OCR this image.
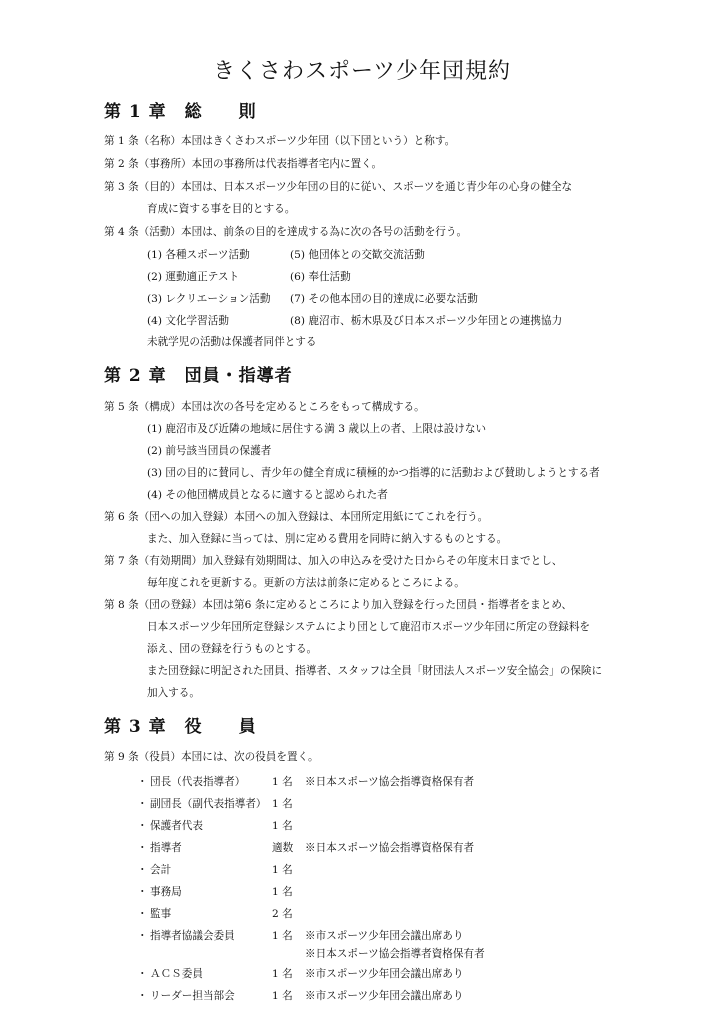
きくさわスポーツ少年団規約
第 1 章　総　　則
第 1 条（名称）本団はきくさわスポーツ少年団（以下団という）と称す。
第 2 条（事務所）本団の事務所は代表指導者宅内に置く。
第 3 条（目的）本団は、日本スポーツ少年団の目的に従い、スポーツを通じ青少年の心身の健全な
育成に資する事を目的とする。
第 4 条（活動）本団は、前条の目的を達成する為に次の各号の活動を行う。
(1) 各種スポーツ活動	(5) 他団体との交歓交流活動
(2) 運動適正テスト	(6) 奉仕活動
(3) レクリエーション活動 (7) その他本団の目的達成に必要な活動
(4) 文化学習活動	(8) 鹿沼市、栃木県及び日本スポーツ少年団との連携協力
未就学児の活動は保護者同伴とする
第 2 章　団員・指導者
第 5 条（構成）本団は次の各号を定めるところをもって構成する。
(1) 鹿沼市及び近隣の地域に居住する満 3 歳以上の者、上限は設けない
(2) 前号該当団員の保護者
(3) 団の目的に賛同し、青少年の健全育成に積極的かつ指導的に活動および賛助しようとする者
(4) その他団構成員となるに適すると認められた者
第 6 条（団への加入登録）本団への加入登録は、本団所定用紙にてこれを行う。
また、加入登録に当っては、別に定める費用を同時に納入するものとする。
第 7 条（有効期間）加入登録有効期間は、加入の申込みを受けた日からその年度末日までとし、
毎年度これを更新する。更新の方法は前条に定めるところによる。
第 8 条（団の登録）本団は第6 条に定めるところにより加入登録を行った団員・指導者をまとめ、
日本スポーツ少年団所定登録システムにより団として鹿沼市スポーツ少年団に所定の登録料を
添え、団の登録を行うものとする。
また団登録に明記された団員、指導者、スタッフは全員「財団法人スポーツ安全協会」の保険に
加入する。
第 3 章　役　　員
第 9 条（役員）本団には、次の役員を置く。
・ 団長（代表指導者）	1 名 ※日本スポーツ協会指導資格保有者
・ 副団長（副代表指導者） 1 名
・ 保護者代表	1 名
・ 指導者	適数 ※日本スポーツ協会指導資格保有者
・ 会計	1 名
・ 事務局	1 名
・ 監事	2 名
・ 指導者協議会委員	1 名 ※市スポーツ少年団会議出席あり
※日本スポーツ協会指導者資格保有者
・ ＡＣＳ委員	1 名 ※市スポーツ少年団会議出席あり
・ リーダー担当部会	1 名 ※市スポーツ少年団会議出席あり
